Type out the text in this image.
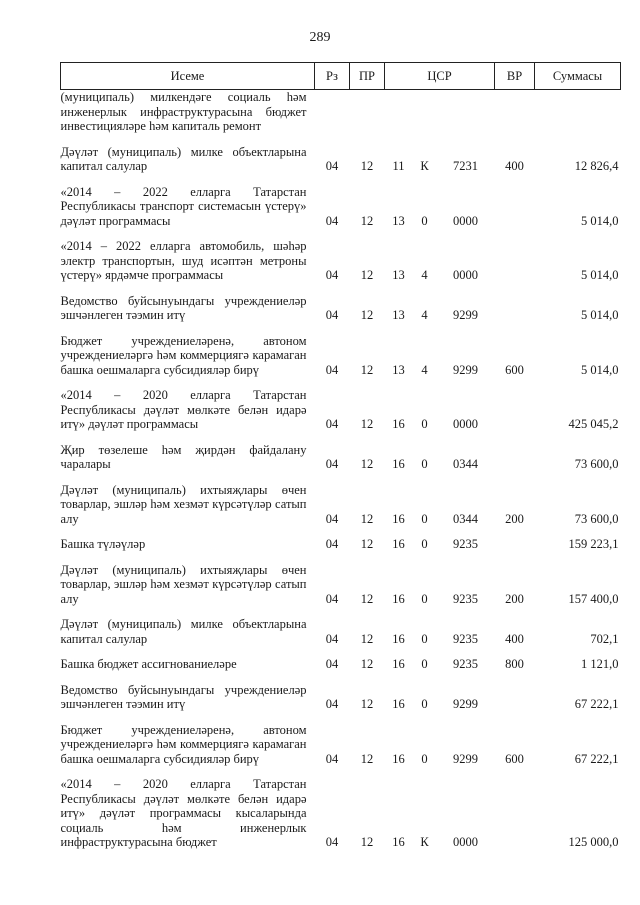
289
Исеме	Рз	ПР	ЦСР			ВР	Суммасы
(муниципаль) милкендәге социаль һәм инженерлык инфраструктурасына бюджет инвестицияләре һәм капиталь ремонт							
Дәүләт (муниципаль) милке объектларына капитал салулар	04	12	11	К	7231	400	12 826,4
«2014 – 2022 елларга Татарстан Республикасы транспорт системасын үстерү» дәүләт программасы	04	12	13	0	0000		5 014,0
«2014 – 2022 елларга автомобиль, шәһәр электр транспортын, шуд исәптән метроны үстерү» ярдәмче программасы	04	12	13	4	0000		5 014,0
Ведомство буйсынуындагы учреждениеләр эшчәнлеген тәэмин итү	04	12	13	4	9299		5 014,0
Бюджет учреждениеләренә, автоном учреждениеләргә һәм коммерциягә карамаган башка оешмаларга субсидияләр бирү	04	12	13	4	9299	600	5 014,0
«2014 – 2020 елларга Татарстан Республикасы дәүләт мөлкәте белән идарә итү» дәүләт программасы	04	12	16	0	0000		425 045,2
Җир төзелеше һәм җирдән файдалану чаралары	04	12	16	0	0344		73 600,0
Дәүләт (муниципаль) ихтыяҗлары өчен товарлар, эшләр һәм хезмәт күрсәтүләр сатып алу	04	12	16	0	0344	200	73 600,0
Башка түләүләр	04	12	16	0	9235		159 223,1
Дәүләт (муниципаль) ихтыяҗлары өчен товарлар, эшләр һәм хезмәт күрсәтүләр сатып алу	04	12	16	0	9235	200	157 400,0
Дәүләт (муниципаль) милке объектларына капитал салулар	04	12	16	0	9235	400	702,1
Башка бюджет ассигнованиеләре	04	12	16	0	9235	800	1 121,0
Ведомство буйсынуындагы учреждениеләр эшчәнлеген тәэмин итү	04	12	16	0	9299		67 222,1
Бюджет учреждениеләренә, автоном учреждениеләргә һәм коммерциягә карамаган башка оешмаларга субсидияләр бирү	04	12	16	0	9299	600	67 222,1
«2014 – 2020 елларга Татарстан Республикасы дәүләт мөлкәте белән идарә итү» дәүләт программасы кысаларында социаль һәм инженерлык инфраструктурасына бюджет	04	12	16	К	0000		125 000,0
